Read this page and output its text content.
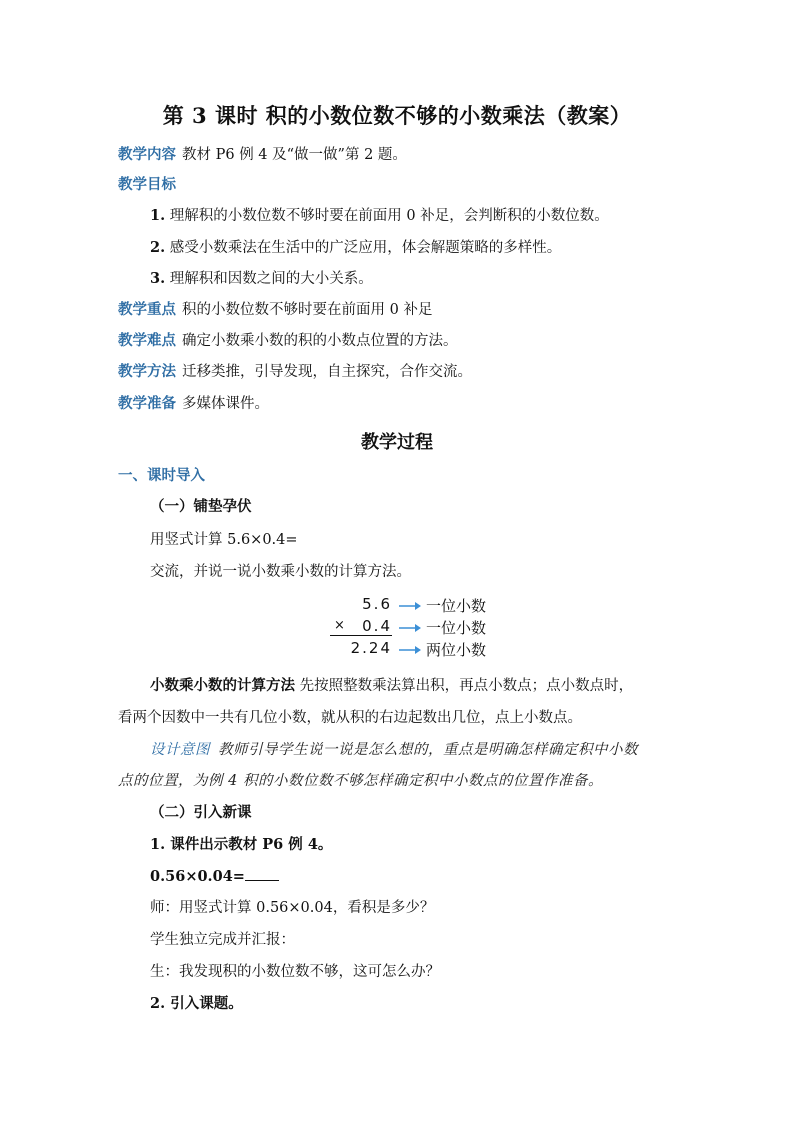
第 3 课时 积的小数位数不够的小数乘法（教案）
教学内容 教材 P6 例 4 及“做一做”第 2 题。
教学目标
1. 理解积的小数位数不够时要在前面用 0 补足，会判断积的小数位数。
2. 感受小数乘法在生活中的广泛应用，体会解题策略的多样性。
3. 理解积和因数之间的大小关系。
教学重点 积的小数位数不够时要在前面用 0 补足
教学难点 确定小数乘小数的积的小数点位置的方法。
教学方法 迁移类推，引导发现，自主探究，合作交流。
教学准备 多媒体课件。
教学过程
一、课时导入
（一）铺垫孕伏
用竖式计算 5.6×0.4=
交流，并说一说小数乘小数的计算方法。
5.6 一位小数
×	0.4 一位小数
2.24 两位小数
小数乘小数的计算方法 先按照整数乘法算出积，再点小数点；点小数点时，
看两个因数中一共有几位小数，就从积的右边起数出几位，点上小数点。
设计意图 教师引导学生说一说是怎么想的，重点是明确怎样确定积中小数
点的位置，为例 4 积的小数位数不够怎样确定积中小数点的位置作准备。
（二）引入新课
1. 课件出示教材 P6 例 4。
0.56×0.04=
师：用竖式计算 0.56×0.04，看积是多少？
学生独立完成并汇报：
生：我发现积的小数位数不够，这可怎么办？
2. 引入课题。
